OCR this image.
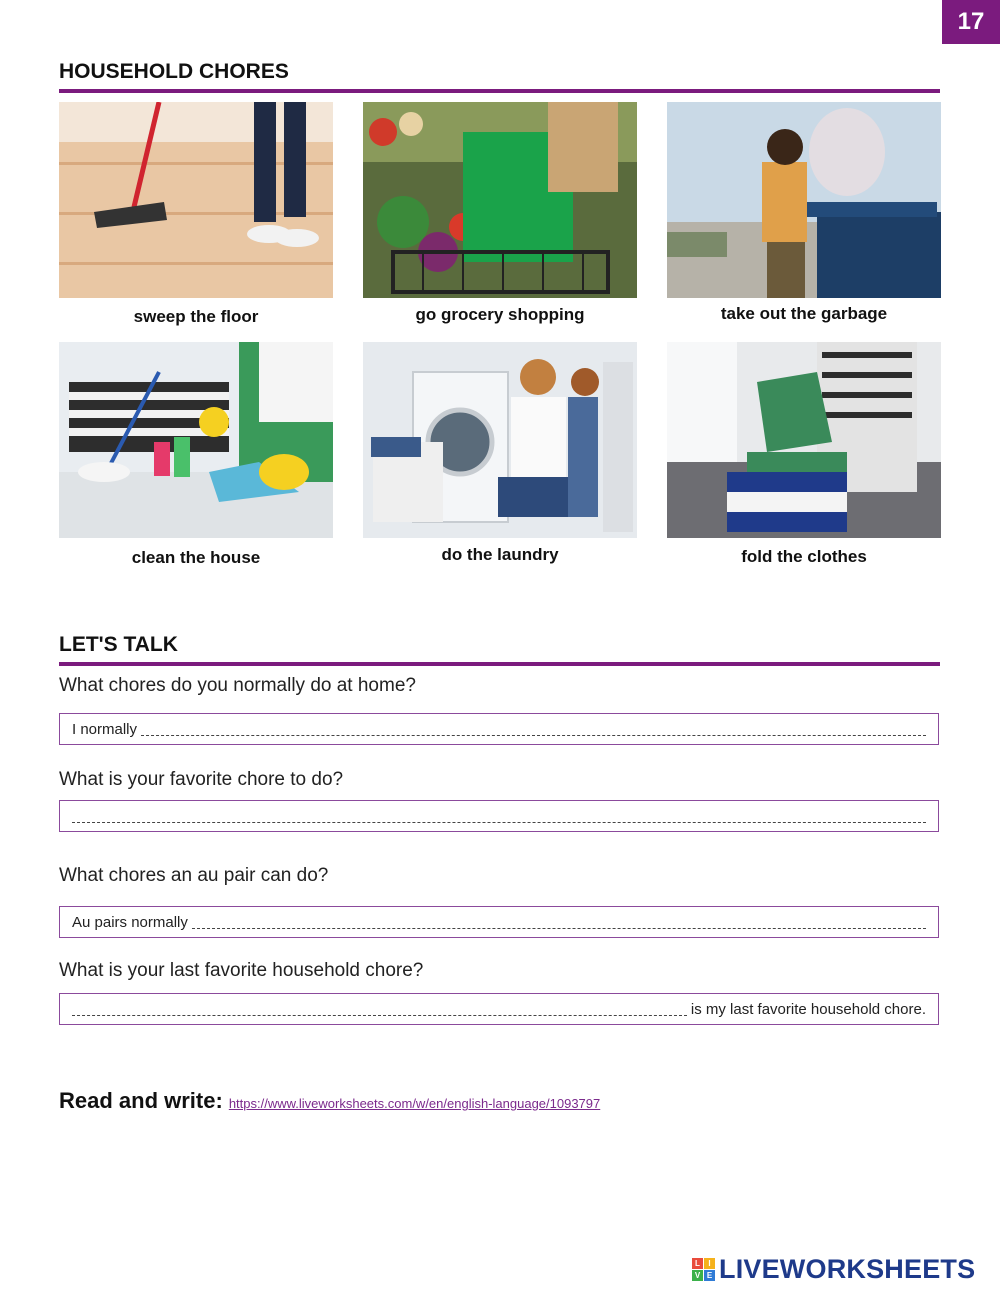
17
HOUSEHOLD CHORES
sweep the floor	go grocery shopping	take out the garbage
clean the house	do the laundry	fold the clothes
LET'S TALK
What chores do you normally do at home?
I normally
What is your favorite chore to do?
What chores an au pair can do?
Au pairs normally
What is your last favorite household chore?
is my last favorite household chore.
Read and write: https://www.liveworksheets.com/w/en/english-language/1093797
L	I
V E LIVEWORKSHEETS
